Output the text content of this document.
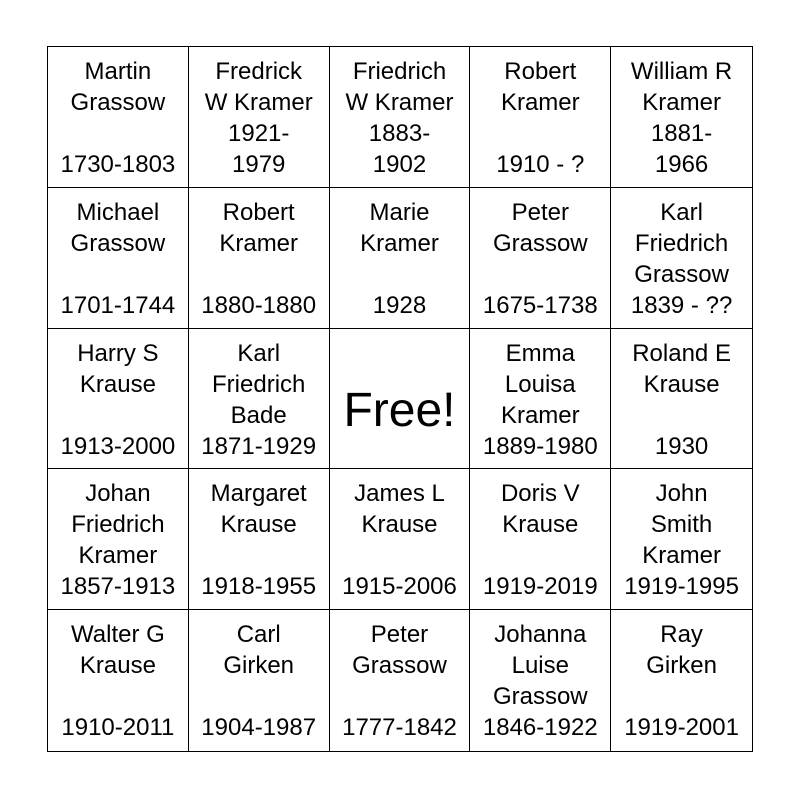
Martin
Grassow
1730-1803
Fredrick
W Kramer
1921-
1979
Friedrich
W Kramer
1883-
1902
Robert
Kramer
1910 - ?
William R
Kramer
1881-
1966
Michael
Grassow
1701-1744
Robert
Kramer
1880-1880
Marie
Kramer
1928
Peter
Grassow
1675-1738
Karl
Friedrich
Grassow
1839 - ??
Harry S
Krause
1913-2000
Karl
Friedrich
Bade
1871-1929
Free!
Emma
Louisa
Kramer
1889-1980
Roland E
Krause
1930
Johan
Friedrich
Kramer
1857-1913
Margaret
Krause
1918-1955
James L
Krause
1915-2006
Doris V
Krause
1919-2019
John
Smith
Kramer
1919-1995
Walter G
Krause
1910-2011
Carl
Girken
1904-1987
Peter
Grassow
1777-1842
Johanna
Luise
Grassow
1846-1922
Ray
Girken
1919-2001
